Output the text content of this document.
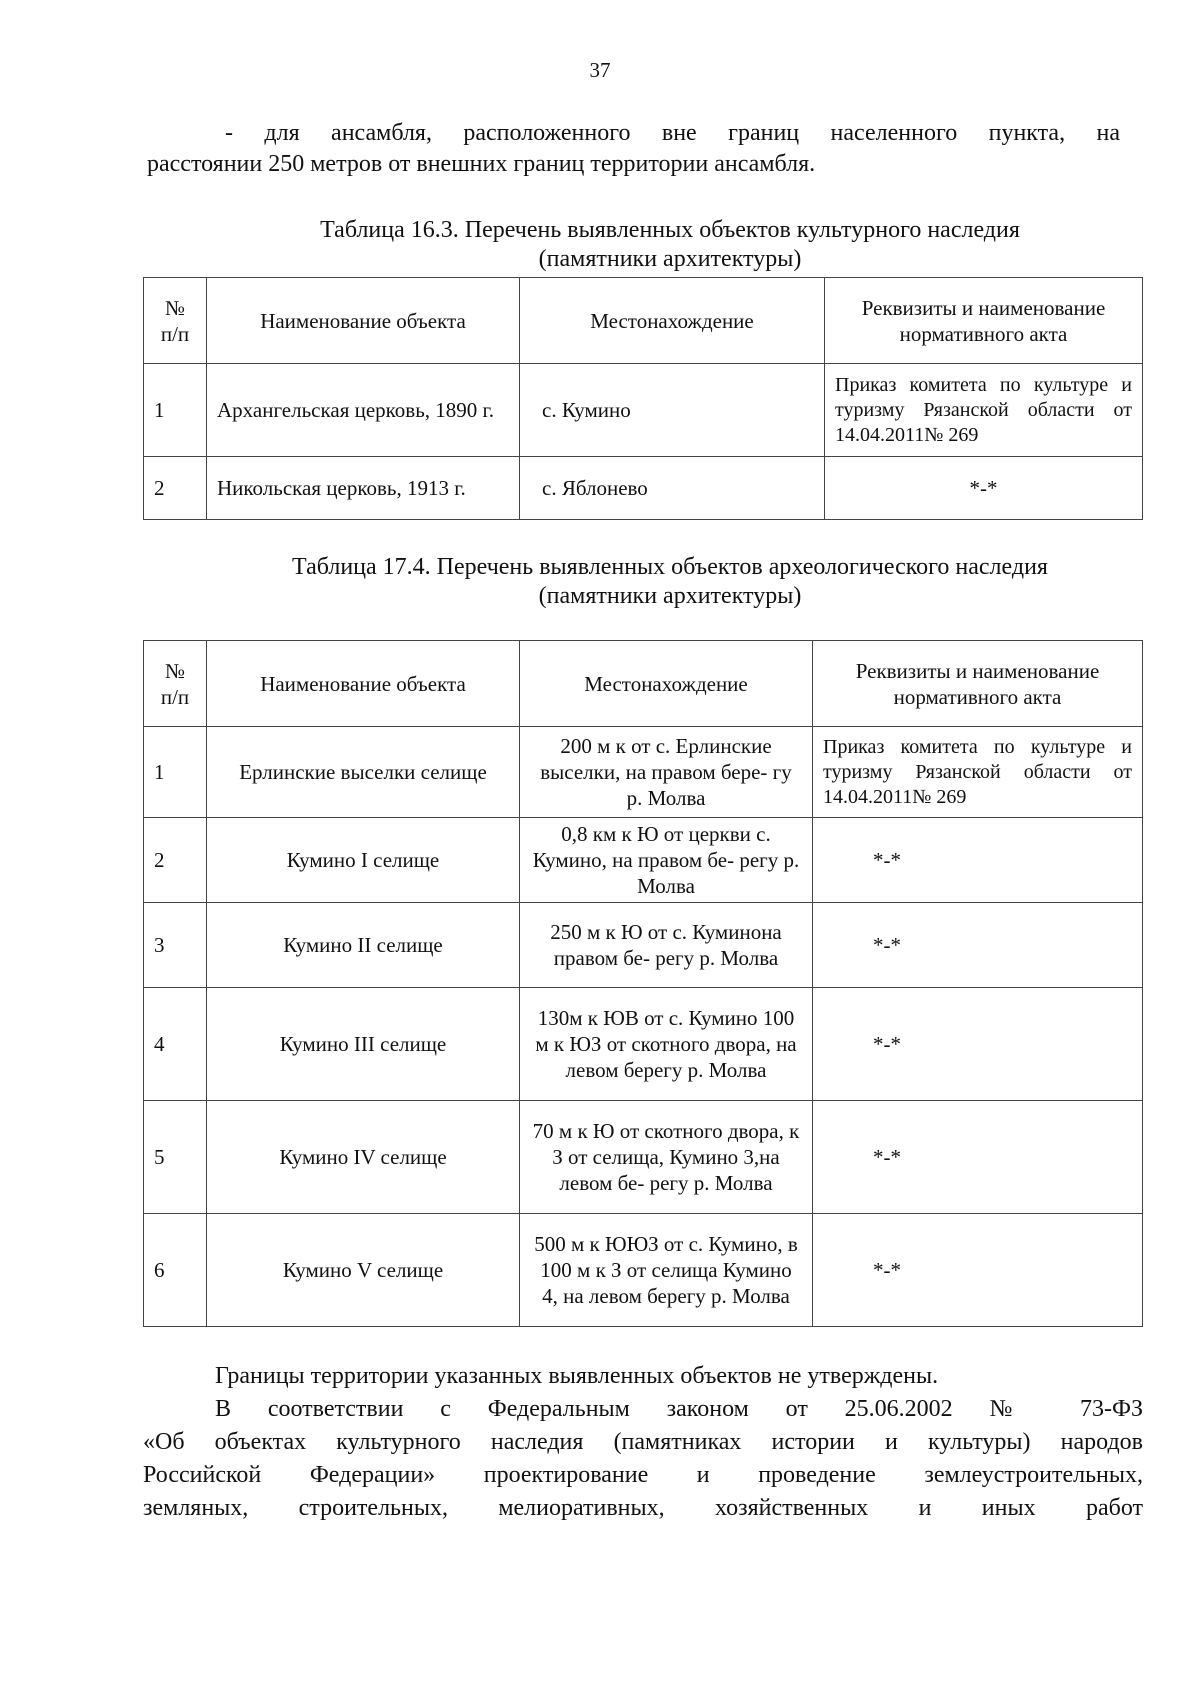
37
- для ансамбля, расположенного вне границ населенного пункта, на
расстоянии 250 метров от внешних границ территории ансамбля.
Таблица 16.3. Перечень выявленных объектов культурного наследия
(памятники архитектуры)
№ п/п	Наименование объекта	Местонахождение	Реквизиты и наименование нормативного акта
1	Архангельская церковь, 1890 г.	с. Кумино	Приказ комитета по культуре и туризму Рязанской области от 14.04.2011№ 269
2	Никольская церковь, 1913 г.	с. Яблонево	*-*
Таблица 17.4. Перечень выявленных объектов археологического наследия
(памятники архитектуры)
№ п/п	Наименование объекта	Местонахождение	Реквизиты и наименование нормативного акта
1	Ерлинские выселки селище	200 м к от с. Ерлинские выселки, на правом бере- гу р. Молва	Приказ комитета по культуре и туризму Рязанской области от 14.04.2011№ 269
2	Кумино I селище	0,8 км к Ю от церкви с. Кумино, на правом бе- регу р. Молва	*-*
3	Кумино II селище	250 м к Ю от с. Куминона правом бе- регу р. Молва	*-*
4	Кумино III селище	130м к ЮВ от с. Кумино 100 м к ЮЗ от скотного двора, на левом берегу р. Молва	*-*
5	Кумино IV селище	70 м к Ю от скотного двора, к З от селища, Кумино 3,на левом бе- регу р. Молва	*-*
6	Кумино V селище	500 м к ЮЮЗ от с. Кумино, в 100 м к З от селища Кумино 4, на левом берегу р. Молва	*-*
Границы территории указанных выявленных объектов не утверждены.
В соответствии с Федеральным законом от 25.06.2002 № 73-ФЗ
«Об объектах культурного наследия (памятниках истории и культуры) народов
Российской Федерации» проектирование и проведение землеустроительных,
земляных, строительных, мелиоративных, хозяйственных и иных работ
